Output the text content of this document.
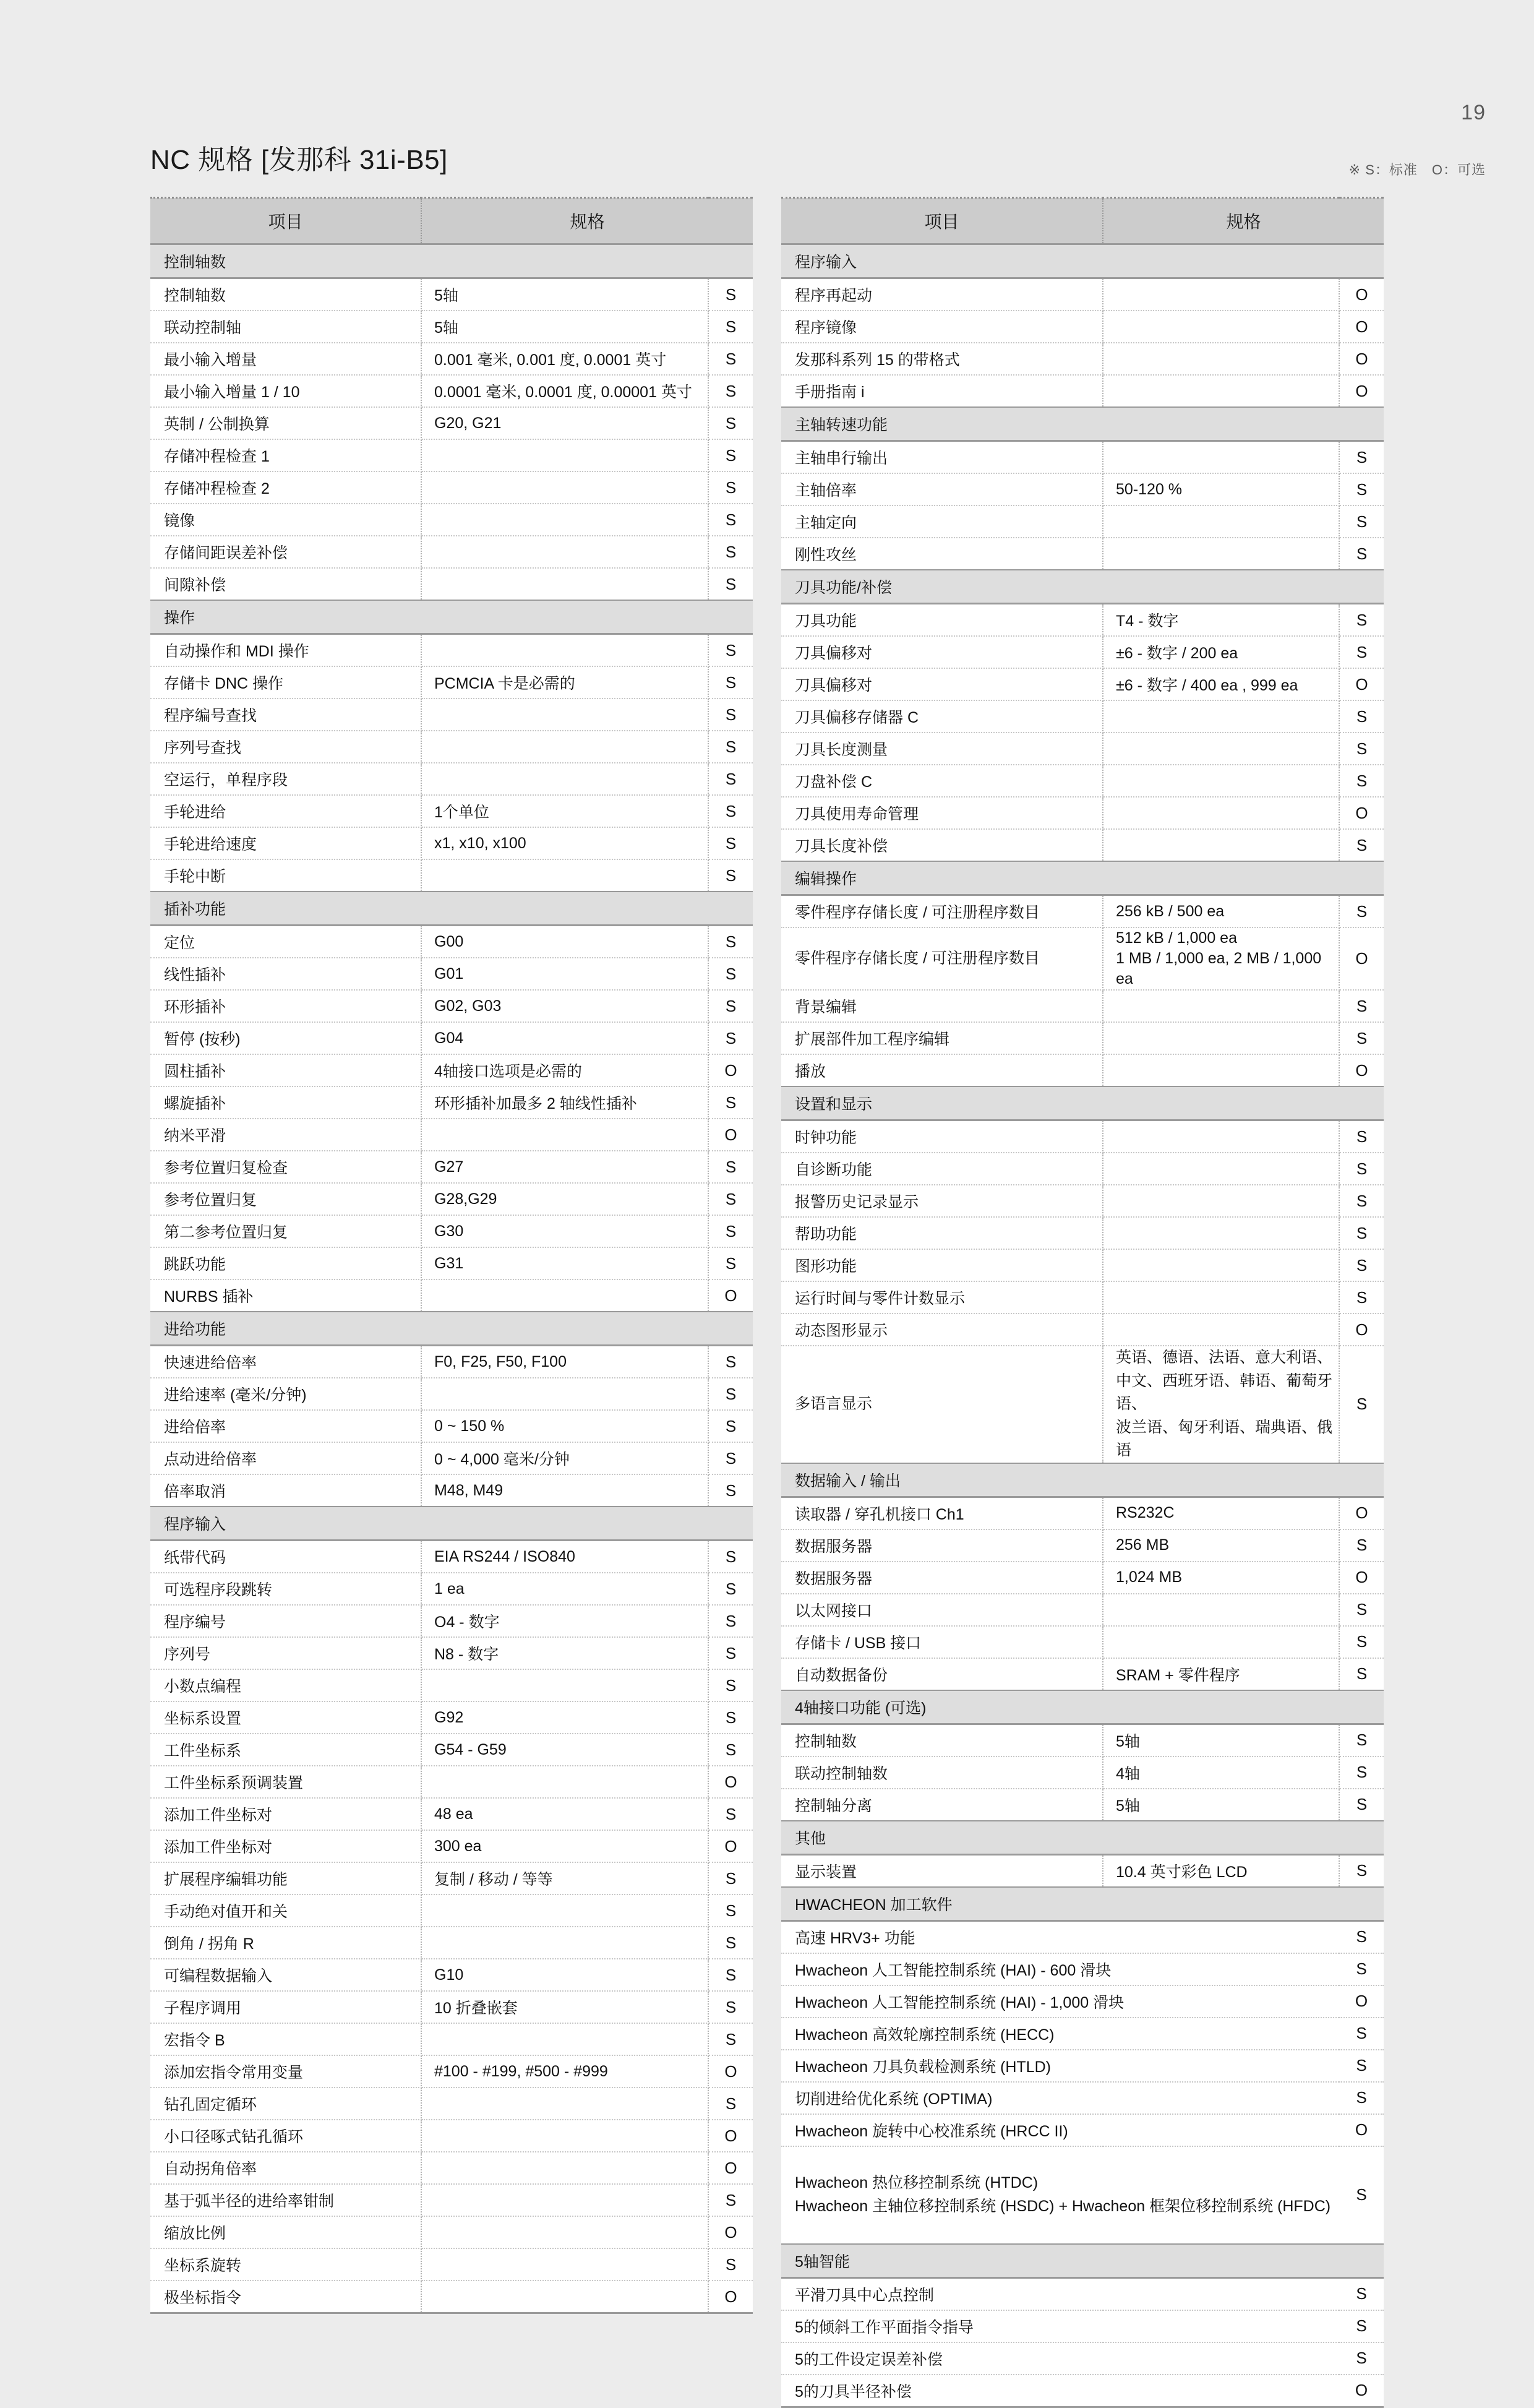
19
NC 规格 [发那科 31i-B5]	※ S：标准　O：可选
项目	规格	
控制轴数		
控制轴数	5轴	S
联动控制轴	5轴	S
最小输入增量	0.001 毫米, 0.001 度, 0.0001 英寸	S
最小输入增量 1 / 10	0.0001 毫米, 0.0001 度, 0.00001 英寸	S
英制 / 公制换算	G20, G21	S
存储冲程检查 1		S
存储冲程检查 2		S
镜像		S
存储间距误差补偿		S
间隙补偿		S
操作		
自动操作和 MDI 操作		S
存储卡 DNC 操作	PCMCIA 卡是必需的	S
程序编号查找		S
序列号查找		S
空运行，单程序段		S
手轮进给	1个单位	S
手轮进给速度	x1, x10, x100	S
手轮中断		S
插补功能		
定位	G00	S
线性插补	G01	S
环形插补	G02, G03	S
暂停 (按秒)	G04	S
圆柱插补	4轴接口选项是必需的	O
螺旋插补	环形插补加最多 2 轴线性插补	S
纳米平滑		O
参考位置归复检查	G27	S
参考位置归复	G28,G29	S
第二参考位置归复	G30	S
跳跃功能	G31	S
NURBS 插补		O
进给功能		
快速进给倍率	F0, F25, F50, F100	S
进给速率 (毫米/分钟)		S
进给倍率	0 ~ 150 %	S
点动进给倍率	0 ~ 4,000 毫米/分钟	S
倍率取消	M48, M49	S
程序输入		
纸带代码	EIA RS244 / ISO840	S
可选程序段跳转	1 ea	S
程序编号	O4 - 数字	S
序列号	N8 - 数字	S
小数点编程		S
坐标系设置	G92	S
工件坐标系	G54 - G59	S
工件坐标系预调装置		O
添加工件坐标对	48 ea	S
添加工件坐标对	300 ea	O
扩展程序编辑功能	复制 / 移动 / 等等	S
手动绝对值开和关		S
倒角 / 拐角 R		S
可编程数据输入	G10	S
子程序调用	10 折叠嵌套	S
宏指令 B		S
添加宏指令常用变量	#100 - #199, #500 - #999	O
钻孔固定循环		S
小口径啄式钻孔循环		O
自动拐角倍率		O
基于弧半径的进给率钳制		S
缩放比例		O
坐标系旋转		S
极坐标指令		O
项目	规格	
程序输入		
程序再起动		O
程序镜像		O
发那科系列 15 的带格式		O
手册指南 i		O
主轴转速功能		
主轴串行输出		S
主轴倍率	50-120 %	S
主轴定向		S
刚性攻丝		S
刀具功能/补偿		
刀具功能	T4 - 数字	S
刀具偏移对	±6 - 数字 / 200 ea	S
刀具偏移对	±6 - 数字 / 400 ea , 999 ea	O
刀具偏移存储器 C		S
刀具长度测量		S
刀盘补偿 C		S
刀具使用寿命管理		O
刀具长度补偿		S
编辑操作		
零件程序存储长度 / 可注册程序数目	256 kB / 500 ea	S
零件程序存储长度 / 可注册程序数目	512 kB / 1,000 ea
1 MB / 1,000 ea, 2 MB / 1,000 ea	O
背景编辑		S
扩展部件加工程序编辑		S
播放		O
设置和显示		
时钟功能		S
自诊断功能		S
报警历史记录显示		S
帮助功能		S
图形功能		S
运行时间与零件计数显示		S
动态图形显示		O
多语言显示	英语、德语、法语、意大利语、
中文、西班牙语、韩语、葡萄牙语、
波兰语、匈牙利语、瑞典语、俄语	S
数据输入 / 输出		
读取器 / 穿孔机接口 Ch1	RS232C	O
数据服务器	256 MB	S
数据服务器	1,024 MB	O
以太网接口		S
存储卡 / USB 接口		S
自动数据备份	SRAM + 零件程序	S
4轴接口功能 (可选)		
控制轴数	5轴	S
联动控制轴数	4轴	S
控制轴分离	5轴	S
其他		
显示装置	10.4 英寸彩色 LCD	S
HWACHEON 加工软件		
高速 HRV3+ 功能		S
Hwacheon 人工智能控制系统 (HAI) - 600 滑块		S
Hwacheon 人工智能控制系统 (HAI) - 1,000 滑块		O
Hwacheon 高效轮廓控制系统 (HECC)		S
Hwacheon 刀具负载检测系统 (HTLD)		S
切削进给优化系统 (OPTIMA)		S
Hwacheon 旋转中心校准系统 (HRCC II)		O

Hwacheon 热位移控制系统 (HTDC)
Hwacheon 主轴位移控制系统 (HSDC) + Hwacheon 框架位移控制系统 (HFDC)		S
5轴智能		
平滑刀具中心点控制		S
5的倾斜工作平面指令指导		S
5的工件设定误差补偿		S
5的刀具半径补偿		O
